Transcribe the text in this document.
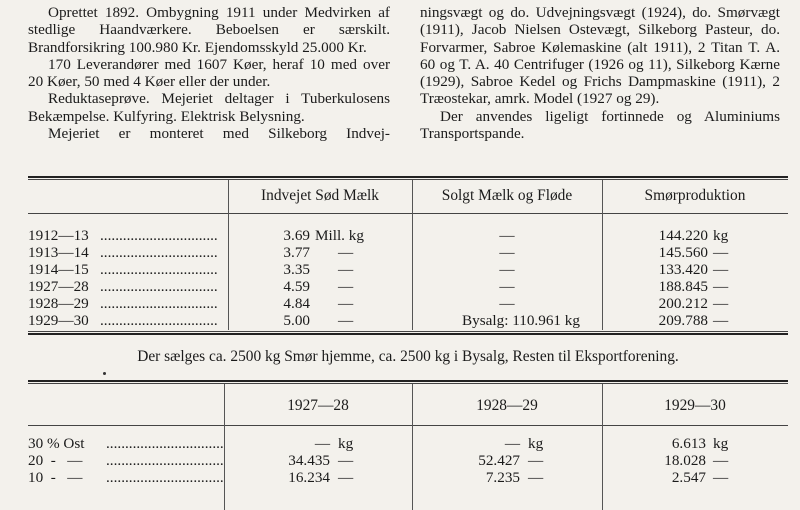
Oprettet 1892. Ombygning 1911 under Medvirken af stedlige Haandværkere. Beboelsen er særskilt. Brandforsikring 100.980 Kr. Ejendomsskyld 25.000 Kr.

170 Leverandører med 1607 Køer, heraf 10 med over 20 Køer, 50 med 4 Køer eller der under.

Reduktaseprøve. Mejeriet deltager i Tuberkulosens Bekæmpelse. Kulfyring. Elektrisk Belysning.

Mejeriet er monteret med Silkeborg Indvej-

ningsvægt og do. Udvejningsvægt (1924), do. Smørvægt (1911), Jacob Nielsen Ostevægt, Silkeborg Pasteur, do. Forvarmer, Sabroe Kølemaskine (alt 1911), 2 Titan T. A. 60 og T. A. 40 Centrifuger (1926 og 11), Silkeborg Kærne (1929), Sabroe Kedel og Frichs Dampmaskine (1911), 2 Træostekar, amrk. Model (1927 og 29).

Der anvendes ligeligt fortinnede og Aluminiums Transportspande.

Indvejet Sød Mælk	Solgt Mælk og Fløde	Smørproduktion
1912—13 ...............................	3.69 Mill. kg	—	144.220 kg
1913—14 ...............................	3.77 —	—	145.560 —
1914—15 ...............................	3.35 —	—	133.420 —
1927—28 ...............................	4.59 —	—	188.845 —
1928—29 ...............................	4.84 —	—	200.212 —
1929—30 ...............................	5.00 —	Bysalg: 110.961 kg	209.788 —
Der sælges ca. 2500 kg Smør hjemme, ca. 2500 kg i Bysalg, Resten til Eksportforening.
1927—28	1928—29	1929—30
30 % Ost ...............................	— kg	— kg	6.613 kg
20  -   — ...............................	34.435 —	52.427 —	18.028 —
10  -   — ...............................	16.234 —	7.235 —	2.547 —
